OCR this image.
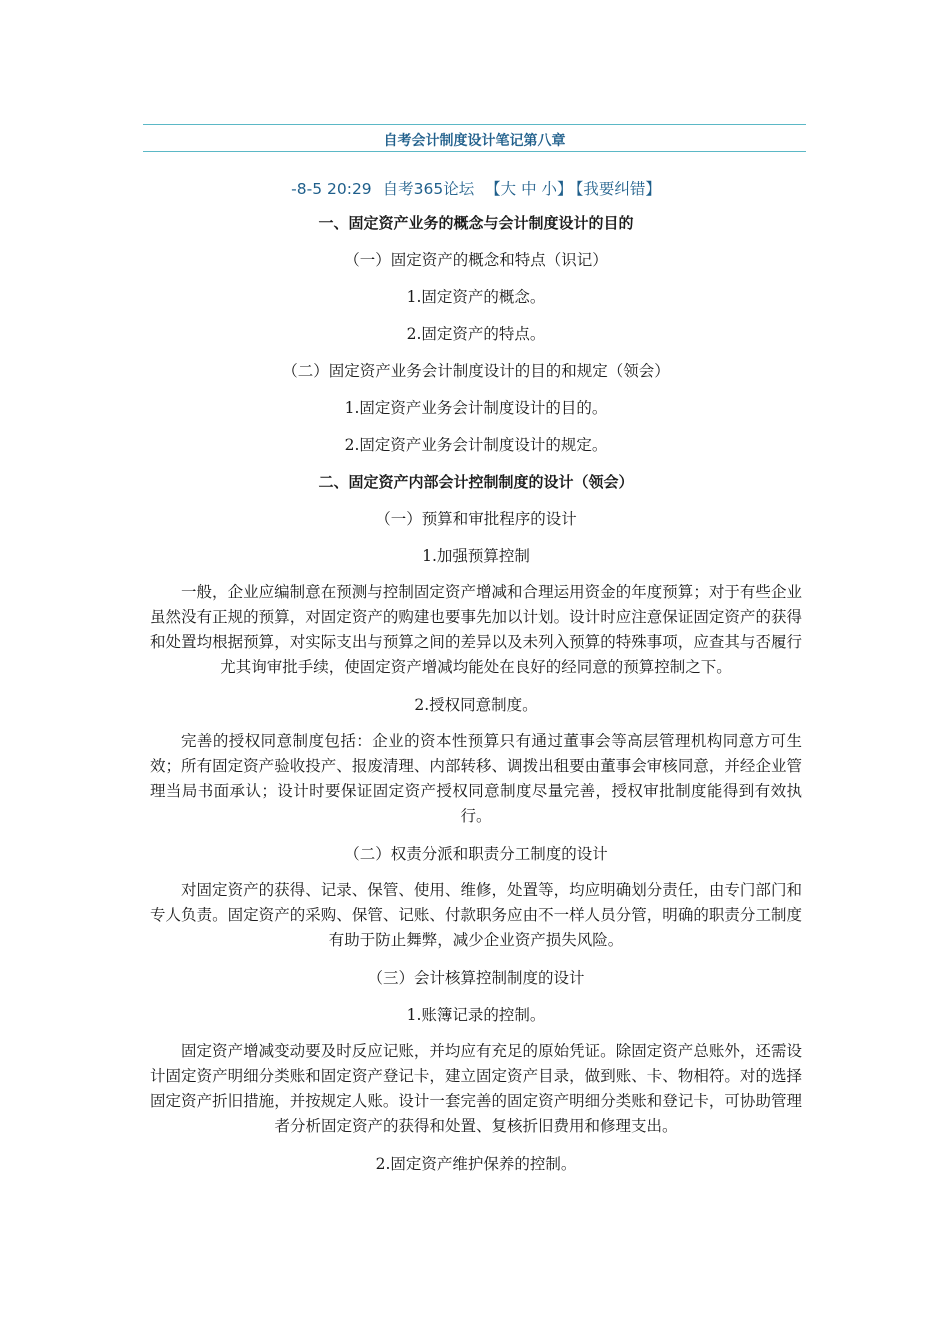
自考会计制度设计笔记第八章
-8-5 20:29 自考365论坛 【大 中 小】 【我要纠错】

一、固定资产业务的概念与会计制度设计的目的

（一）固定资产的概念和特点（识记）

1.固定资产的概念。

2.固定资产的特点。

（二）固定资产业务会计制度设计的目的和规定（领会）

1.固定资产业务会计制度设计的目的。

2.固定资产业务会计制度设计的规定。

二、固定资产内部会计控制制度的设计（领会）

（一）预算和审批程序的设计

1.加强预算控制

一般，企业应编制意在预测与控制固定资产增减和合理运用资金的年度预算；对于有些企业虽然没有正规的预算，对固定资产的购建也要事先加以计划。设计时应注意保证固定资产的获得和处置均根据预算，对实际支出与预算之间的差异以及未列入预算的特殊事项，应查其与否履行尤其询审批手续，使固定资产增减均能处在良好的经同意的预算控制之下。

2.授权同意制度。

完善的授权同意制度包括：企业的资本性预算只有通过董事会等高层管理机构同意方可生效；所有固定资产验收投产、报废清理、内部转移、调拨出租要由董事会审核同意，并经企业管理当局书面承认；设计时要保证固定资产授权同意制度尽量完善，授权审批制度能得到有效执行。

（二）权责分派和职责分工制度的设计

对固定资产的获得、记录、保管、使用、维修，处置等，均应明确划分责任，由专门部门和专人负责。固定资产的采购、保管、记账、付款职务应由不一样人员分管，明确的职责分工制度有助于防止舞弊，减少企业资产损失风险。

（三）会计核算控制制度的设计

1.账簿记录的控制。

固定资产增减变动要及时反应记账，并均应有充足的原始凭证。除固定资产总账外，还需设计固定资产明细分类账和固定资产登记卡，建立固定资产目录，做到账、卡、物相符。对的选择固定资产折旧措施，并按规定人账。设计一套完善的固定资产明细分类账和登记卡，可协助管理者分析固定资产的获得和处置、复核折旧费用和修理支出。

2.固定资产维护保养的控制。
